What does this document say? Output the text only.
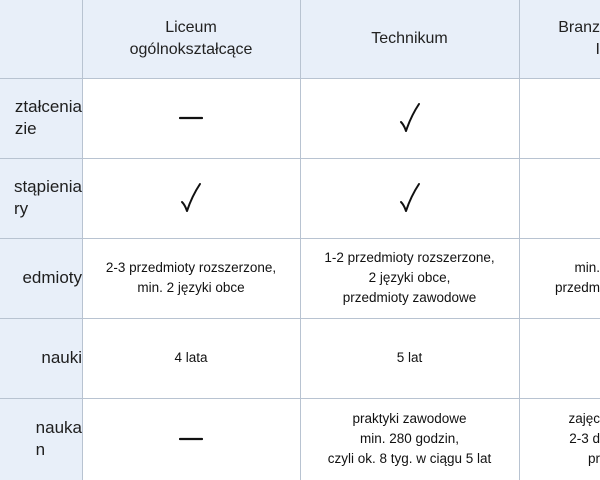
Liceum
ogólnokształcące
Technikum
Branz
I
ztałcenia
zie
stąpienia
ry
edmioty
2-3 przedmioty rozszerzone,
min. 2 języki obce
1-2 przedmioty rozszerzone,
2 języki obce,
przedmioty zawodowe
min.
przedm
nauki	4 lata	5 lat
nauka
n
praktyki zawodowe
min. 280 godzin,
czyli ok. 8 tyg. w ciągu 5 lat
zajęc
2-3 d
pr
